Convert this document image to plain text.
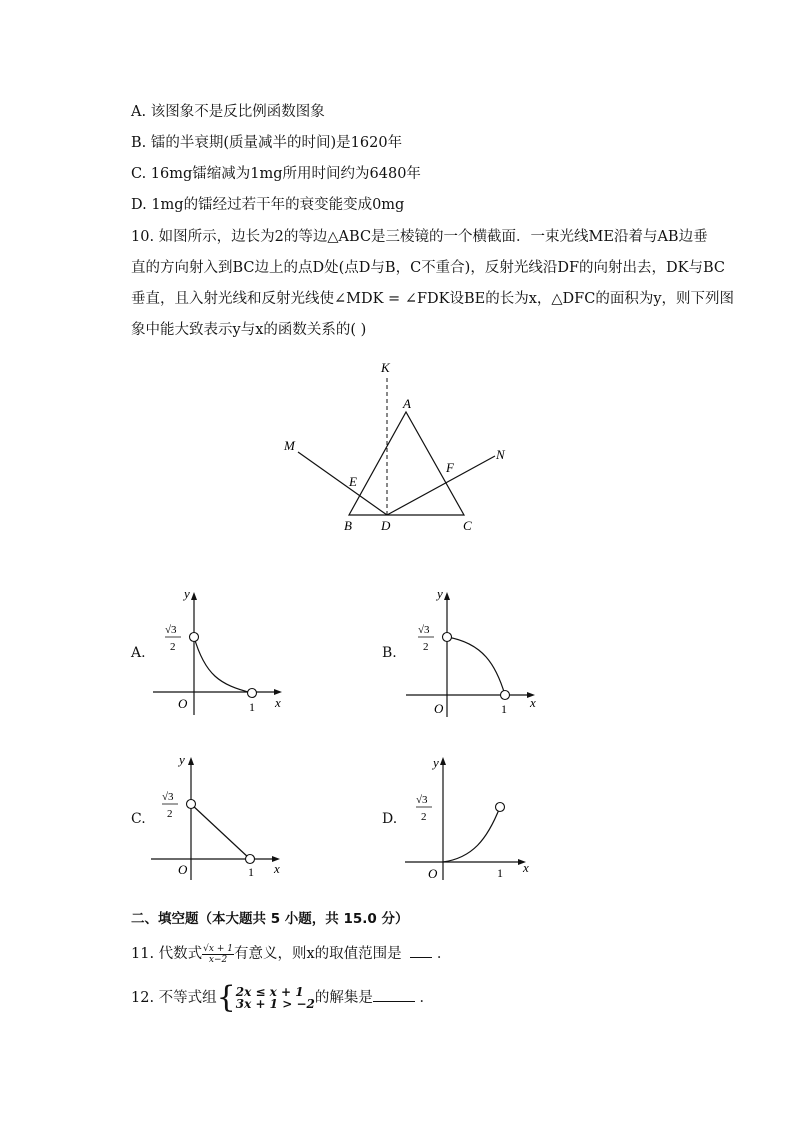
A. 该图象不是反比例函数图象
B. 镭的半衰期(质量减半的时间)是1620年
C. 16mg镭缩减为1mg所用时间约为6480年
D. 1mg的镭经过若干年的衰变能变成0mg
10. 如图所示，边长为2的等边△ABC是三棱镜的一个横截面．一束光线ME沿着与AB边垂
直的方向射入到BC边上的点D处(点D与B，C不重合)，反射光线沿DF的向射出去，DK与BC
垂直，且入射光线和反射光线使∠MDK = ∠FDK设BE的长为x，△DFC的面积为y，则下列图
象中能大致表示y与x的函数关系的( )
K
A
M
N
E
F
B D	C
A.
y
x
O	1
√3
2	B.
y
x
O	1
√3
2
C.
y
x
O	1
√3
2	D.
y
x
O	1
√3
2
二、填空题（本大题共 5 小题，共 15.0 分）
11. 代数式 $\frac{√x + 1}{x-2}$ 有意义，则x的取值范围是 ．
12. 不等式组{ 2x ≤ x + 1
3x + 1 > −2 的解集是	．
